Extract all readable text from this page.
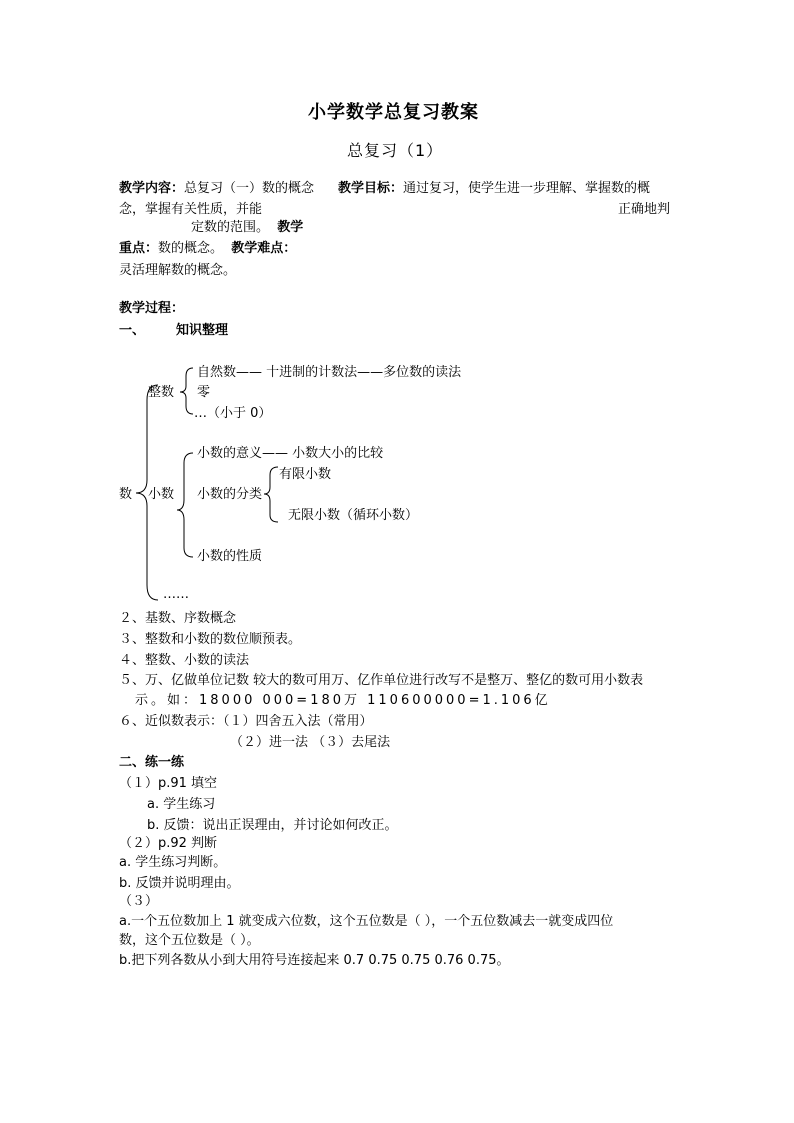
小学数学总复习教案
总复习（1）
教学内容：总复习（一）数的概念 教学目标：通过复习，使学生进一步理解、掌握数的概
念，掌握有关性质，并能	正确地判
定数的范围。 教学
重点：数的概念。 教学难点：
灵活理解数的概念。
教学过程：
一、 知识整理
数
整数
自然数—— 十进制的计数法——多位数的读法
零
…（小于 0）
小数
小数的意义—— 小数大小的比较
小数的分类
有限小数
无限小数（循环小数）
小数的性质
……
２、基数、序数概念
３、整数和小数的数位顺预表。
４、整数、小数的读法
５、万、亿做单位记数 较大的数可用万、亿作单位进行改写不是整万、整亿的数可用小数表
示。如：18000 000=180万 110600000=1.106亿
６、近似数表示：（１）四舍五入法（常用）
（２）进一法 （３）去尾法
二、练一练
（１）p.91 填空
a. 学生练习
b. 反馈：说出正误理由，并讨论如何改正。
（２）p.92 判断
a. 学生练习判断。
b. 反馈并说明理由。
（３）
a.一个五位数加上 1 就变成六位数，这个五位数是（ ），一个五位数减去一就变成四位
数，这个五位数是（ ）。
b.把下列各数从小到大用符号连接起来 0.7 0.75 0.75 0.76 0.75。
